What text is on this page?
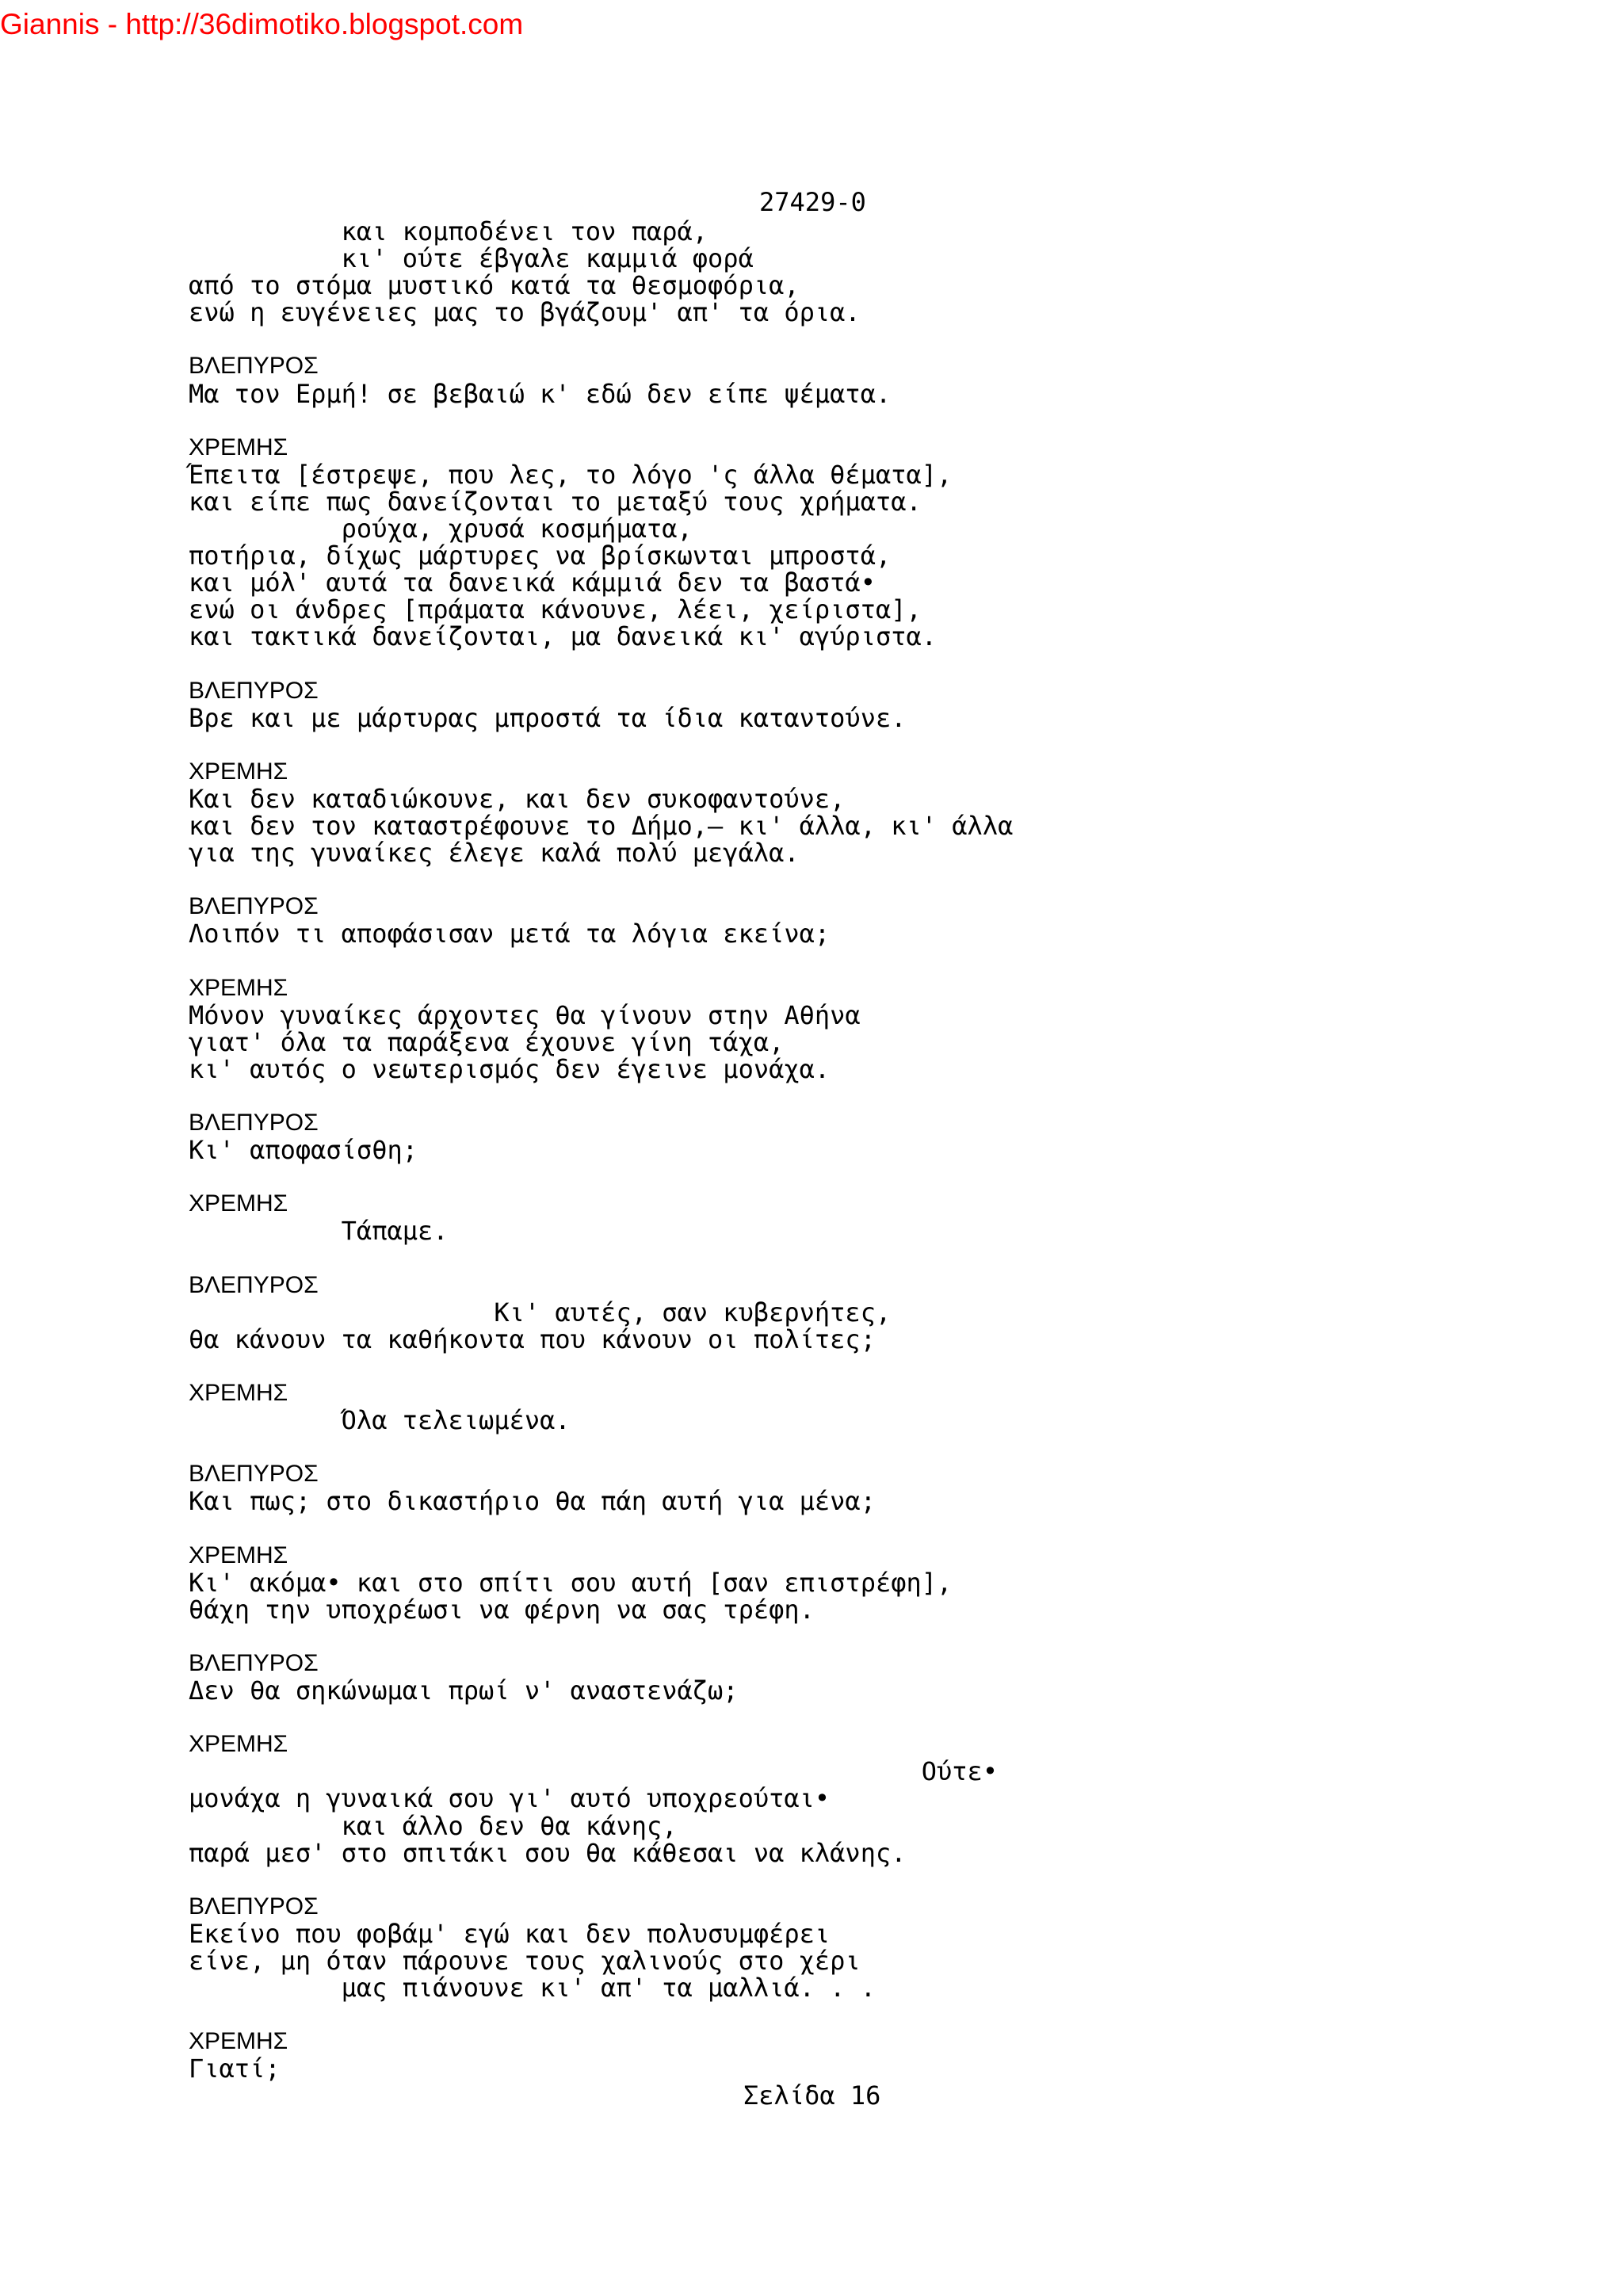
Giannis - http://36dimotiko.blogspot.com
27429-0
και κομποδένει τον παρά,
κι' ούτε έβγαλε καμμιά φορά
από το στόμα μυστικό κατά τα θεσμοφόρια,
ενώ η ευγένειες μας το βγάζουμ' απ' τα όρια.
ΒΛΕΠΥΡΟΣ
Μα τον Ερμή! σε βεβαιώ κ' εδώ δεν είπε ψέματα.
ΧΡΕΜΗΣ
Έπειτα [έστρεψε, που λες, το λόγο 'ς άλλα θέματα],
και είπε πως δανείζονται το μεταξύ τους χρήματα.
ρούχα, χρυσά κοσμήματα,
ποτήρια, δίχως μάρτυρες να βρίσκωνται μπροστά,
και μόλ' αυτά τα δανεικά κάμμιά δεν τα βαστά•
ενώ οι άνδρες [πράματα κάνουνε, λέει, χείριστα],
και τακτικά δανείζονται, μα δανεικά κι' αγύριστα.
ΒΛΕΠΥΡΟΣ
Βρε και με μάρτυρας μπροστά τα ίδια καταντούνε.
ΧΡΕΜΗΣ
Και δεν καταδιώκουνε, και δεν συκοφαντούνε,
και δεν τον καταστρέφουνε το Δήμο,— κι' άλλα, κι' άλλα
για της γυναίκες έλεγε καλά πολύ μεγάλα.
ΒΛΕΠΥΡΟΣ
Λοιπόν τι αποφάσισαν μετά τα λόγια εκείνα;
ΧΡΕΜΗΣ
Μόνον γυναίκες άρχοντες θα γίνουν στην Αθήνα
γιατ' όλα τα παράξενα έχουνε γίνη τάχα,
κι' αυτός ο νεωτερισμός δεν έγεινε μονάχα.
ΒΛΕΠΥΡΟΣ
Κι' αποφασίσθη;
ΧΡΕΜΗΣ
Τάπαμε.
ΒΛΕΠΥΡΟΣ
Κι' αυτές, σαν κυβερνήτες,
θα κάνουν τα καθήκοντα που κάνουν οι πολίτες;
ΧΡΕΜΗΣ
Όλα τελειωμένα.
ΒΛΕΠΥΡΟΣ
Και πως; στο δικαστήριο θα πάη αυτή για μένα;
ΧΡΕΜΗΣ
Κι' ακόμα• και στο σπίτι σου αυτή [σαν επιστρέφη],
θάχη την υποχρέωσι να φέρνη να σας τρέφη.
ΒΛΕΠΥΡΟΣ
Δεν θα σηκώνωμαι πρωί ν' αναστενάζω;
ΧΡΕΜΗΣ
Ούτε•
μονάχα η γυναικά σου γι' αυτό υποχρεούται•
και άλλο δεν θα κάνης,
παρά μεσ' στο σπιτάκι σου θα κάθεσαι να κλάνης.
ΒΛΕΠΥΡΟΣ
Εκείνο που φοβάμ' εγώ και δεν πολυσυμφέρει
είνε, μη όταν πάρουνε τους χαλινούς στο χέρι
μας πιάνουνε κι' απ' τα μαλλιά. . .
ΧΡΕΜΗΣ
Γιατί;
Σελίδα 16
